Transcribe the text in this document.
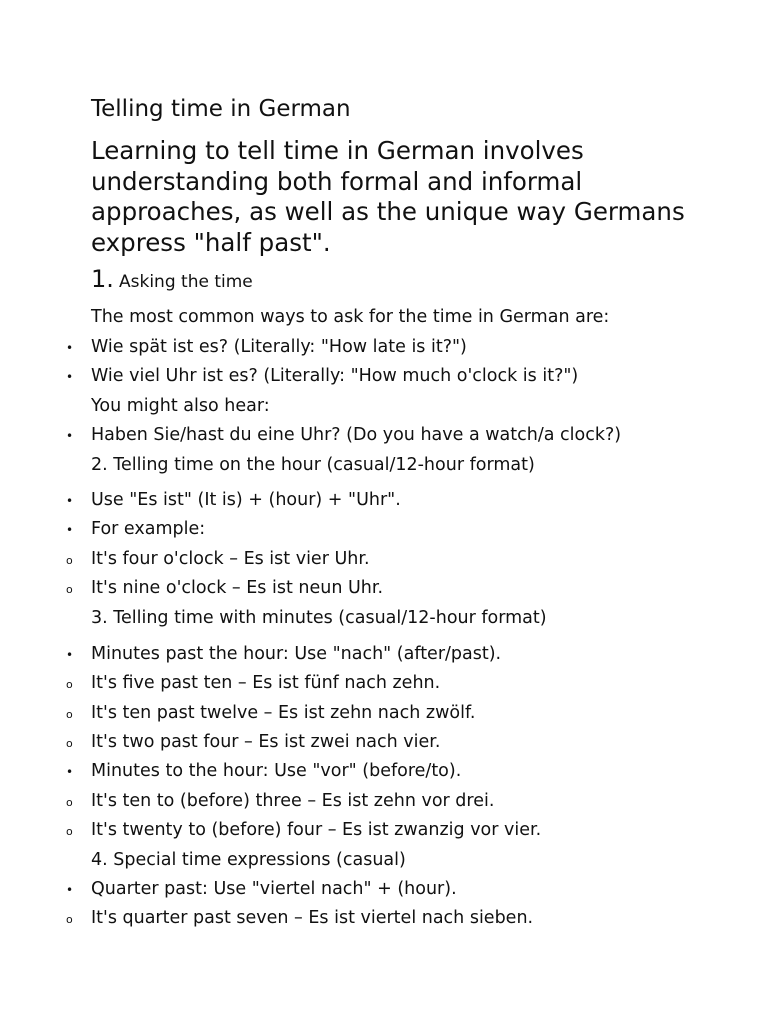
Telling time in German
Learning to tell time in German involves understanding both formal and informal approaches, as well as the unique way Germans express "half past".
1. Asking the time
The most common ways to ask for the time in German are:
•
Wie spät ist es? (Literally: "How late is it?")
•
Wie viel Uhr ist es? (Literally: "How much o'clock is it?")
You might also hear:
•
Haben Sie/hast du eine Uhr? (Do you have a watch/a clock?)
2. Telling time on the hour (casual/12-hour format)
•
Use "Es ist" (It is) + (hour) + "Uhr".
•
For example:
o
It's four o'clock – Es ist vier Uhr.
o
It's nine o'clock – Es ist neun Uhr.
3. Telling time with minutes (casual/12-hour format)
•
Minutes past the hour: Use "nach" (after/past).
o
It's five past ten – Es ist fünf nach zehn.
o
It's ten past twelve – Es ist zehn nach zwölf.
o
It's two past four – Es ist zwei nach vier.
•
Minutes to the hour: Use "vor" (before/to).
o
It's ten to (before) three – Es ist zehn vor drei.
o
It's twenty to (before) four – Es ist zwanzig vor vier.
4. Special time expressions (casual)
•
Quarter past: Use "viertel nach" + (hour).
o
It's quarter past seven – Es ist viertel nach sieben.
